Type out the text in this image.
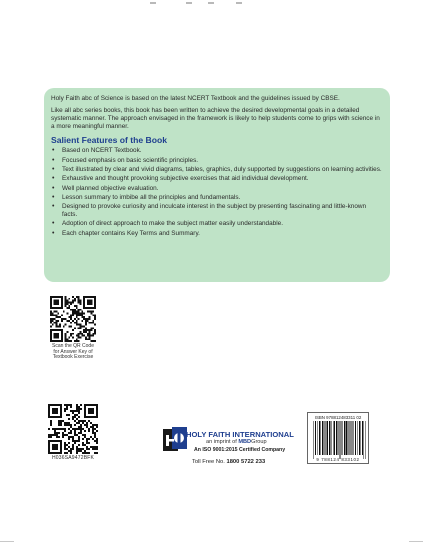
Holy Faith abc of Science is based on the latest NCERT Textbook and the guidelines issued by CBSE.

Like all abc series books, this book has been written to achieve the desired developmental goals in a detailed systematic manner. The approach envisaged in the framework is likely to help students come to grips with science in a more meaningful manner.

Salient Features of the Book
• Based on NCERT Textbook.
• Focused emphasis on basic scientific principles.
• Text illustrated by clear and vivid diagrams, tables, graphics, duly supported by suggestions on learning activities.
• Exhaustive and thought provoking subjective exercises that aid individual development.
• Well planned objective evaluation.
• Lesson summary to imbibe all the principles and fundamentals.
• Designed to provoke curiosity and inculcate interest in the subject by presenting fascinating and little-known facts.
• Adoption of direct approach to make the subject matter easily understandable.
• Each chapter contains Key Terms and Summary.
Scan the QR Code
for Answer Key of
Textbook Exercise
H036SA9472BFK
HOLY FAITH INTERNATIONAL
an imprint of MBDGroup
An ISO 9001:2015 Certified Company
Toll Free No. 1800 5722 233
ISBN 978812483311 02
9 788124 833102
